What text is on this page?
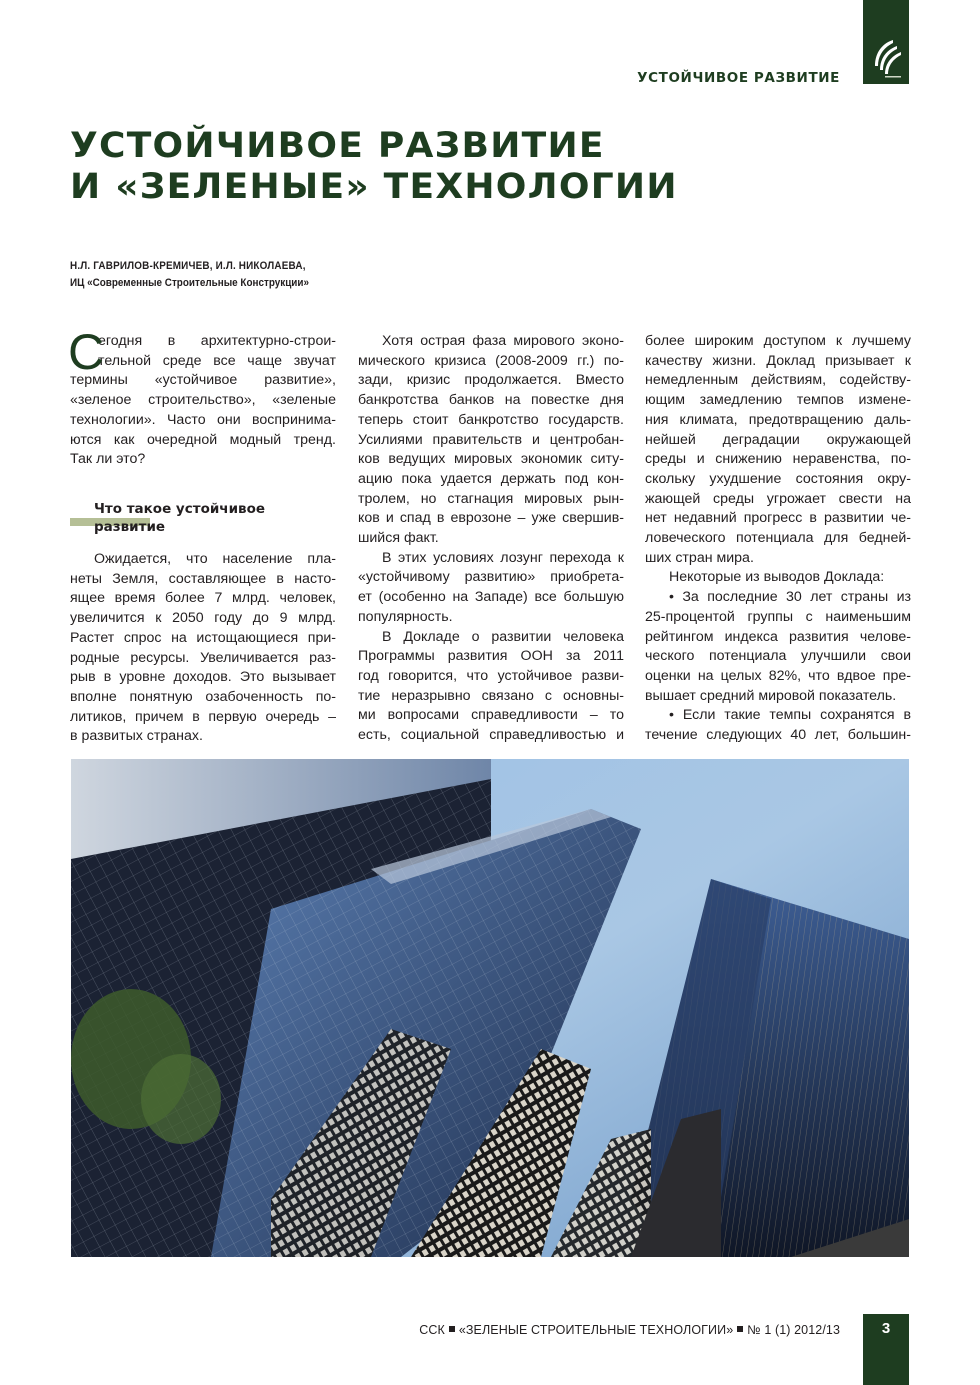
УСТОЙЧИВОЕ РАЗВИТИЕ
УСТОЙЧИВОЕ РАЗВИТИЕ
И «ЗЕЛЕНЫЕ» ТЕХНОЛОГИИ
Н.Л. ГАВРИЛОВ-КРЕМИЧЕВ, И.Л. НИКОЛАЕВА,
ИЦ «Современные Строительные Конструкции»
С
егодня в архитектурно-строи-
тельной среде все чаще звучат
термины «устойчивое развитие»,
«зеленое строительство», «зеленые
технологии». Часто они воспринима-
ются как очередной модный тренд.
Так ли это?
Что такое устойчивое
развитие
Ожидается, что население пла-
неты Земля, составляющее в насто-
ящее время более 7 млрд. человек,
увеличится к 2050 году до 9 млрд.
Растет спрос на истощающиеся при-
родные ресурсы. Увеличивается раз-
рыв в уровне доходов. Это вызывает
вполне понятную озабоченность по-
литиков, причем в первую очередь –
в развитых странах.
Хотя острая фаза мирового эконо-
мического кризиса (2008-2009 гг.) по-
зади, кризис продолжается. Вместо
банкротства банков на повестке дня
теперь стоит банкротство государств.
Усилиями правительств и центробан-
ков ведущих мировых экономик ситу-
ацию пока удается держать под кон-
тролем, но стагнация мировых рын-
ков и спад в еврозоне – уже свершив-
шийся факт.
В этих условиях лозунг перехода к
«устойчивому развитию» приобрета-
ет (особенно на Западе) все большую
популярность.
В Докладе о развитии человека
Программы развития ООН за 2011
год говорится, что устойчивое разви-
тие неразрывно связано с основны-
ми вопросами справедливости – то
есть, социальной справедливостью и
более широким доступом к лучшему
качеству жизни. Доклад призывает к
немедленным действиям, содейству-
ющим замедлению темпов измене-
ния климата, предотвращению даль-
нейшей деградации окружающей
среды и снижению неравенства, по-
скольку ухудшение состояния окру-
жающей среды угрожает свести на
нет недавний прогресс в развитии че-
ловеческого потенциала для бедней-
ших стран мира.
Некоторые из выводов Доклада:
• За последние 30 лет страны из
25-процентой группы с наименьшим
рейтингом индекса развития челове-
ческого потенциала улучшили свои
оценки на целых 82%, что вдвое пре-
вышает средний мировой показатель.
• Если такие темпы сохранятся в
течение следующих 40 лет, большин-
ССК «ЗЕЛЕНЫЕ СТРОИТЕЛЬНЫЕ ТЕХНОЛОГИИ» № 1 (1) 2012/13	3
